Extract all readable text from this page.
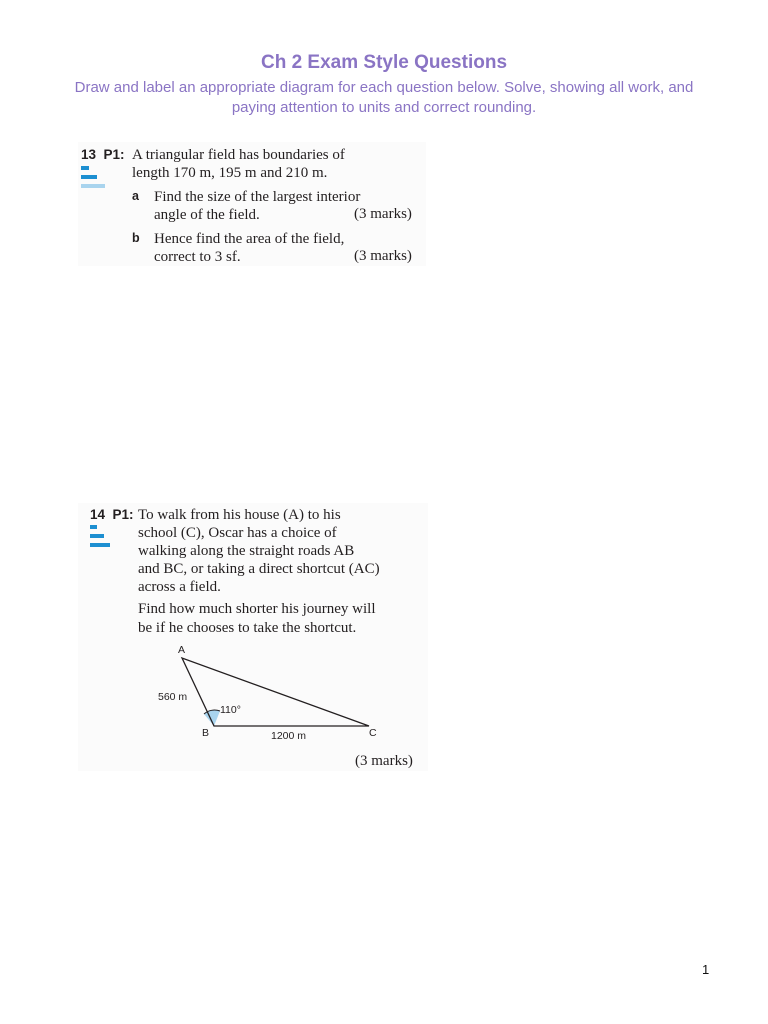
Ch 2 Exam Style Questions
Draw and label an appropriate diagram for each question below. Solve, showing all work, and paying attention to units and correct rounding.
13 P1: A triangular field has boundaries of
length 170 m, 195 m and 210 m.
a Find the size of the largest interior
angle of the field.	(3 marks)
b Hence find the area of the field,
correct to 3 sf.	(3 marks)
14 P1: To walk from his house (A) to his
school (C), Oscar has a choice of
walking along the straight roads AB
and BC, or taking a direct shortcut (AC)
across a field.
Find how much shorter his journey will
be if he chooses to take the shortcut.
A
B	C
560 m
1200 m
110°
(3 marks)
1
